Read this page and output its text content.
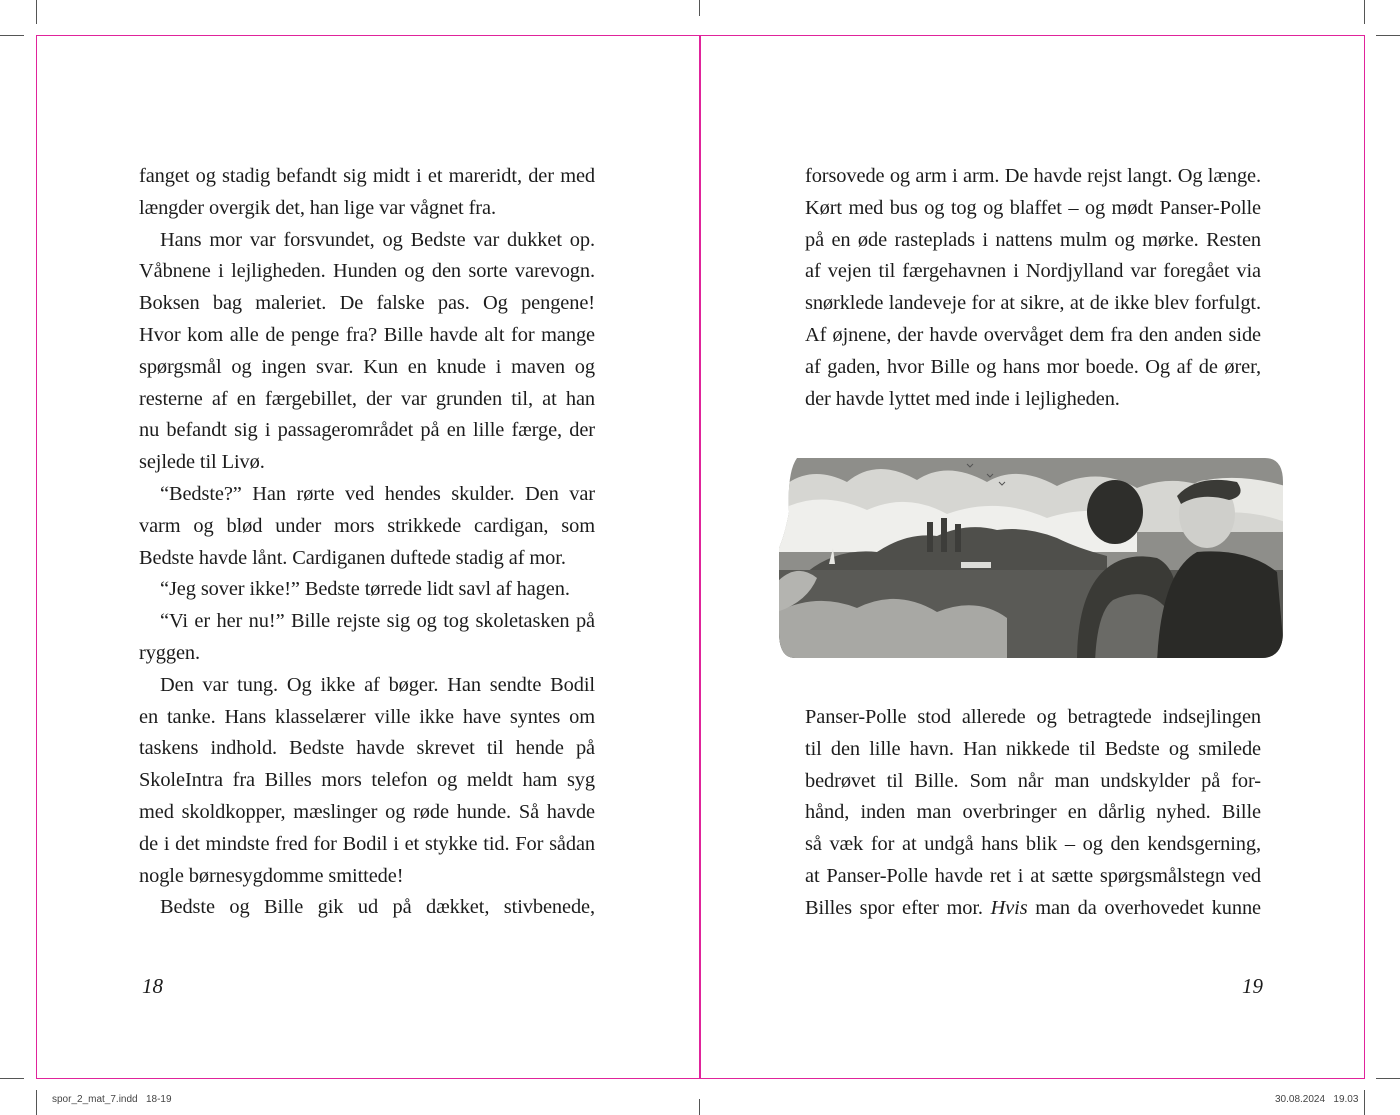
fanget og stadig befandt sig midt i et mareridt, der med

længder overgik det, han lige var vågnet fra.

Hans mor var forsvundet, og Bedste var dukket op.

Våbnene i lejligheden. Hunden og den sorte varevogn.

Boksen bag maleriet. De falske pas. Og pengene!

Hvor kom alle de penge fra? Bille havde alt for mange

spørgsmål og ingen svar. Kun en knude i maven og

resterne af en færgebillet, der var grunden til, at han

nu befandt sig i passagerområdet på en lille færge, der

sejlede til Livø.

“Bedste?” Han rørte ved hendes skulder. Den var

varm og blød under mors strikkede cardigan, som

Bedste havde lånt. Cardiganen duftede stadig af mor.

“Jeg sover ikke!” Bedste tørrede lidt savl af hagen.

“Vi er her nu!” Bille rejste sig og tog skoletasken på

ryggen.

Den var tung. Og ikke af bøger. Han sendte Bodil

en tanke. Hans klasselærer ville ikke have syntes om

taskens indhold. Bedste havde skrevet til hende på

SkoleIntra fra Billes mors telefon og meldt ham syg

med skoldkopper, mæslinger og røde hunde. Så havde

de i det mindste fred for Bodil i et stykke tid. For sådan

nogle børnesygdomme smittede!

Bedste og Bille gik ud på dækket, stivbenede,

18

forsovede og arm i arm. De havde rejst langt. Og længe.

Kørt med bus og tog og blaffet – og mødt Panser-Polle

på en øde rasteplads i nattens mulm og mørke. Resten

af vejen til færgehavnen i Nordjylland var foregået via

snørklede landeveje for at sikre, at de ikke blev forfulgt.

Af øjnene, der havde overvåget dem fra den anden side

af gaden, hvor Bille og hans mor boede. Og af de ører,

der havde lyttet med inde i lejligheden.

Panser-Polle stod allerede og betragtede indsejlingen

til den lille havn. Han nikkede til Bedste og smilede

bedrøvet til Bille. Som når man undskylder på for-

hånd, inden man overbringer en dårlig nyhed. Bille

så væk for at undgå hans blik – og den kendsgerning,

at Panser-Polle havde ret i at sætte spørgsmålstegn ved

Billes spor efter mor. Hvis man da overhovedet kunne

19
spor_2_mat_7.indd   18-19	30.08.2024   19.03
